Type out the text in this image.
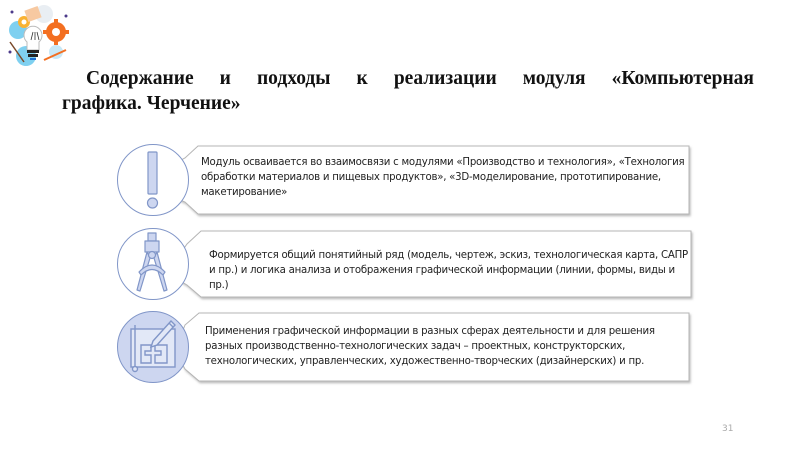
Содержание и подходы к реализации модуля «Компьютерная
графика. Черчение»
Модуль осваивается во взаимосвязи с модулями «Производство и технология», «Технология обработки материалов и пищевых продуктов», «3D-моделирование, прототипирование, макетирование»
Формируется общий понятийный ряд (модель, чертеж, эскиз, технологическая карта, САПР и пр.) и логика анализа и отображения графической информации (линии, формы, виды и пр.)
Применения графической информации в разных сферах деятельности и для решения разных производственно-технологических задач – проектных, конструкторских, технологических, управленческих, художественно-творческих (дизайнерских) и пр.
31
